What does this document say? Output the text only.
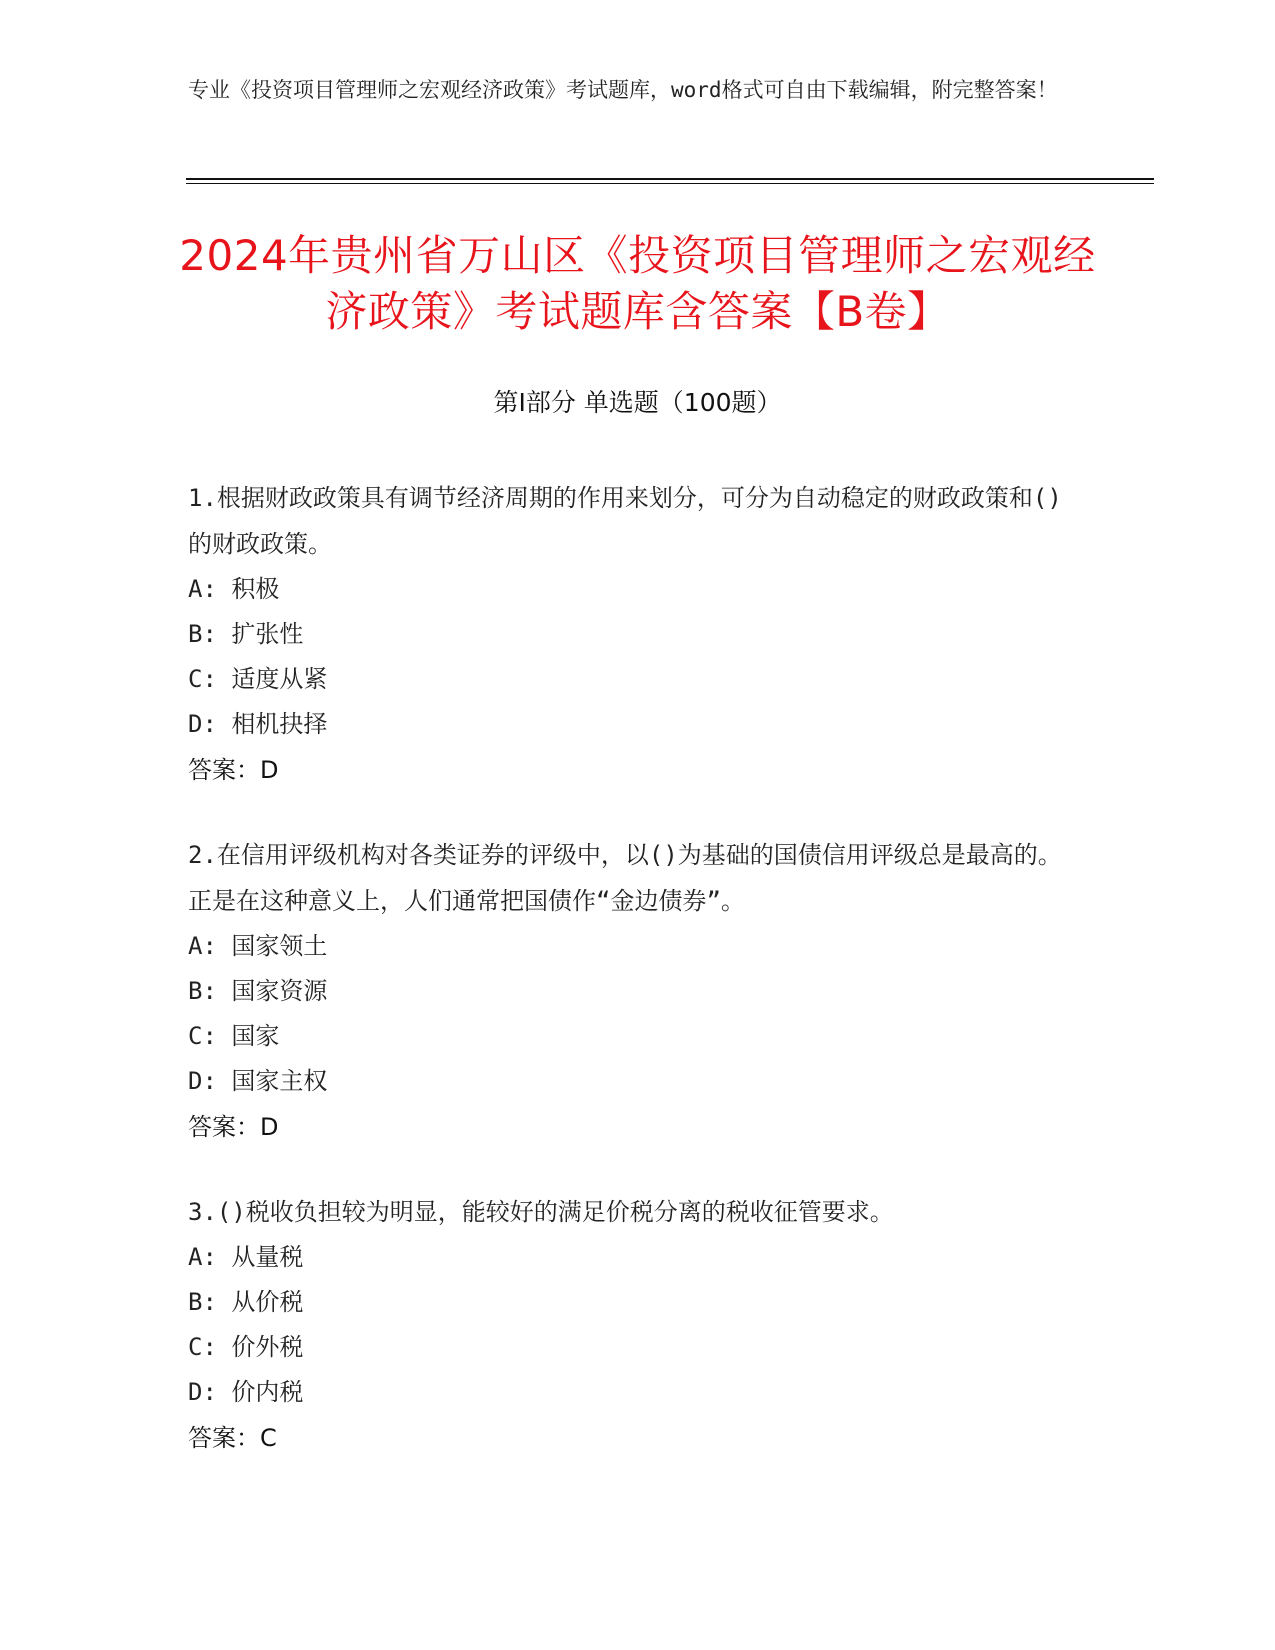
专业《投资项目管理师之宏观经济政策》考试题库，word格式可自由下载编辑，附完整答案！
2024年贵州省万山区《投资项目管理师之宏观经济政策》考试题库含答案【B卷】
第Ⅰ部分 单选题（100题）
1.根据财政政策具有调节经济周期的作用来划分，可分为自动稳定的财政政策和()的财政政策。
A: 积极
B: 扩张性
C: 适度从紧
D: 相机抉择
答案：D
2.在信用评级机构对各类证券的评级中，以()为基础的国债信用评级总是最高的。正是在这种意义上，人们通常把国债作“金边债券”。
A: 国家领土
B: 国家资源
C: 国家
D: 国家主权
答案：D
3.()税收负担较为明显，能较好的满足价税分离的税收征管要求。
A: 从量税
B: 从价税
C: 价外税
D: 价内税
答案：C
